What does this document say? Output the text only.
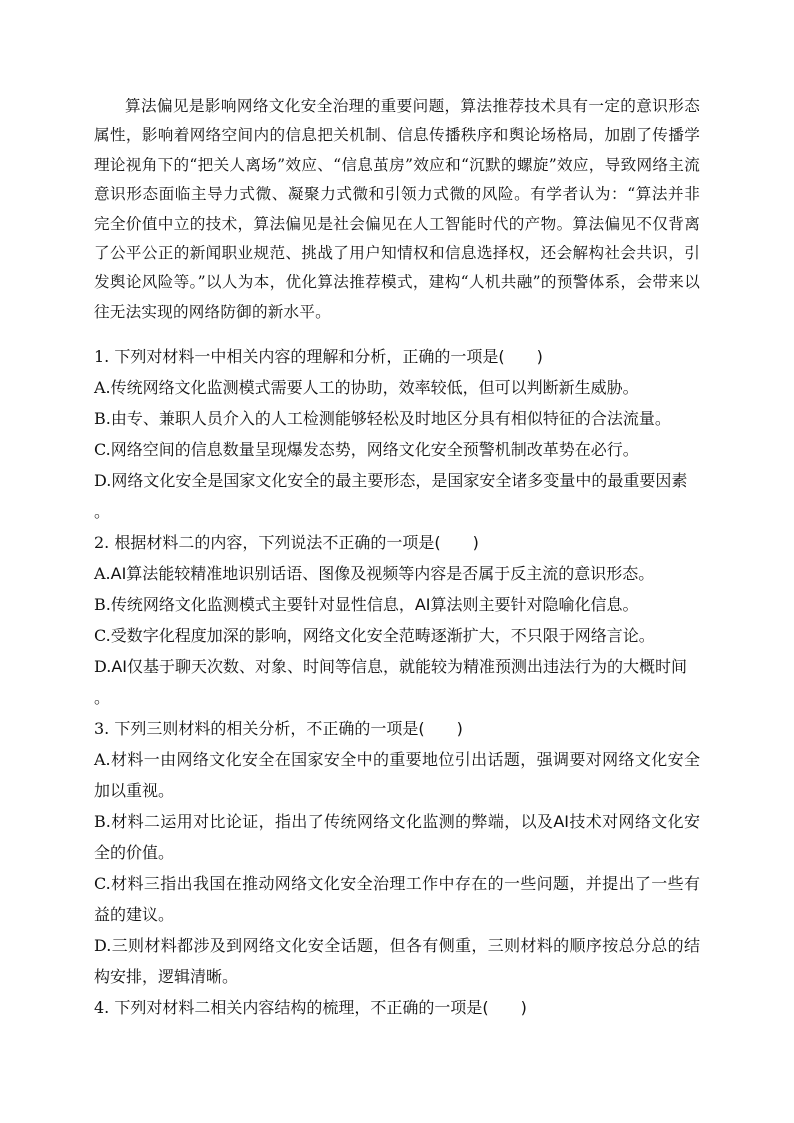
算法偏见是影响网络文化安全治理的重要问题，算法推荐技术具有一定的意识形态属性，影响着网络空间内的信息把关机制、信息传播秩序和舆论场格局，加剧了传播学理论视角下的“把关人离场”效应、“信息茧房”效应和“沉默的螺旋”效应，导致网络主流意识形态面临主导力式微、凝聚力式微和引领力式微的风险。有学者认为：“算法并非完全价值中立的技术，算法偏见是社会偏见在人工智能时代的产物。算法偏见不仅背离了公平公正的新闻职业规范、挑战了用户知情权和信息选择权，还会解构社会共识，引发舆论风险等。”以人为本，优化算法推荐模式，建构“人机共融”的预警体系，会带来以往无法实现的网络防御的新水平。

1. 下列对材料一中相关内容的理解和分析，正确的一项是(　　)

A.传统网络文化监测模式需要人工的协助，效率较低，但可以判断新生威胁。

B.由专、兼职人员介入的人工检测能够轻松及时地区分具有相似特征的合法流量。

C.网络空间的信息数量呈现爆发态势，网络文化安全预警机制改革势在必行。

D.网络文化安全是国家文化安全的最主要形态，是国家安全诸多变量中的最重要因素
。

2. 根据材料二的内容，下列说法不正确的一项是(　　)

A.AI算法能较精准地识别话语、图像及视频等内容是否属于反主流的意识形态。

B.传统网络文化监测模式主要针对显性信息，AI算法则主要针对隐喻化信息。

C.受数字化程度加深的影响，网络文化安全范畴逐渐扩大，不只限于网络言论。

D.AI仅基于聊天次数、对象、时间等信息，就能较为精准预测出违法行为的大概时间
。

3. 下列三则材料的相关分析，不正确的一项是(　　)

A.材料一由网络文化安全在国家安全中的重要地位引出话题，强调要对网络文化安全加以重视。

B.材料二运用对比论证，指出了传统网络文化监测的弊端，以及AI技术对网络文化安全的价值。

C.材料三指出我国在推动网络文化安全治理工作中存在的一些问题，并提出了一些有益的建议。

D.三则材料都涉及到网络文化安全话题，但各有侧重，三则材料的顺序按总分总的结构安排，逻辑清晰。

4. 下列对材料二相关内容结构的梳理，不正确的一项是(　　)
